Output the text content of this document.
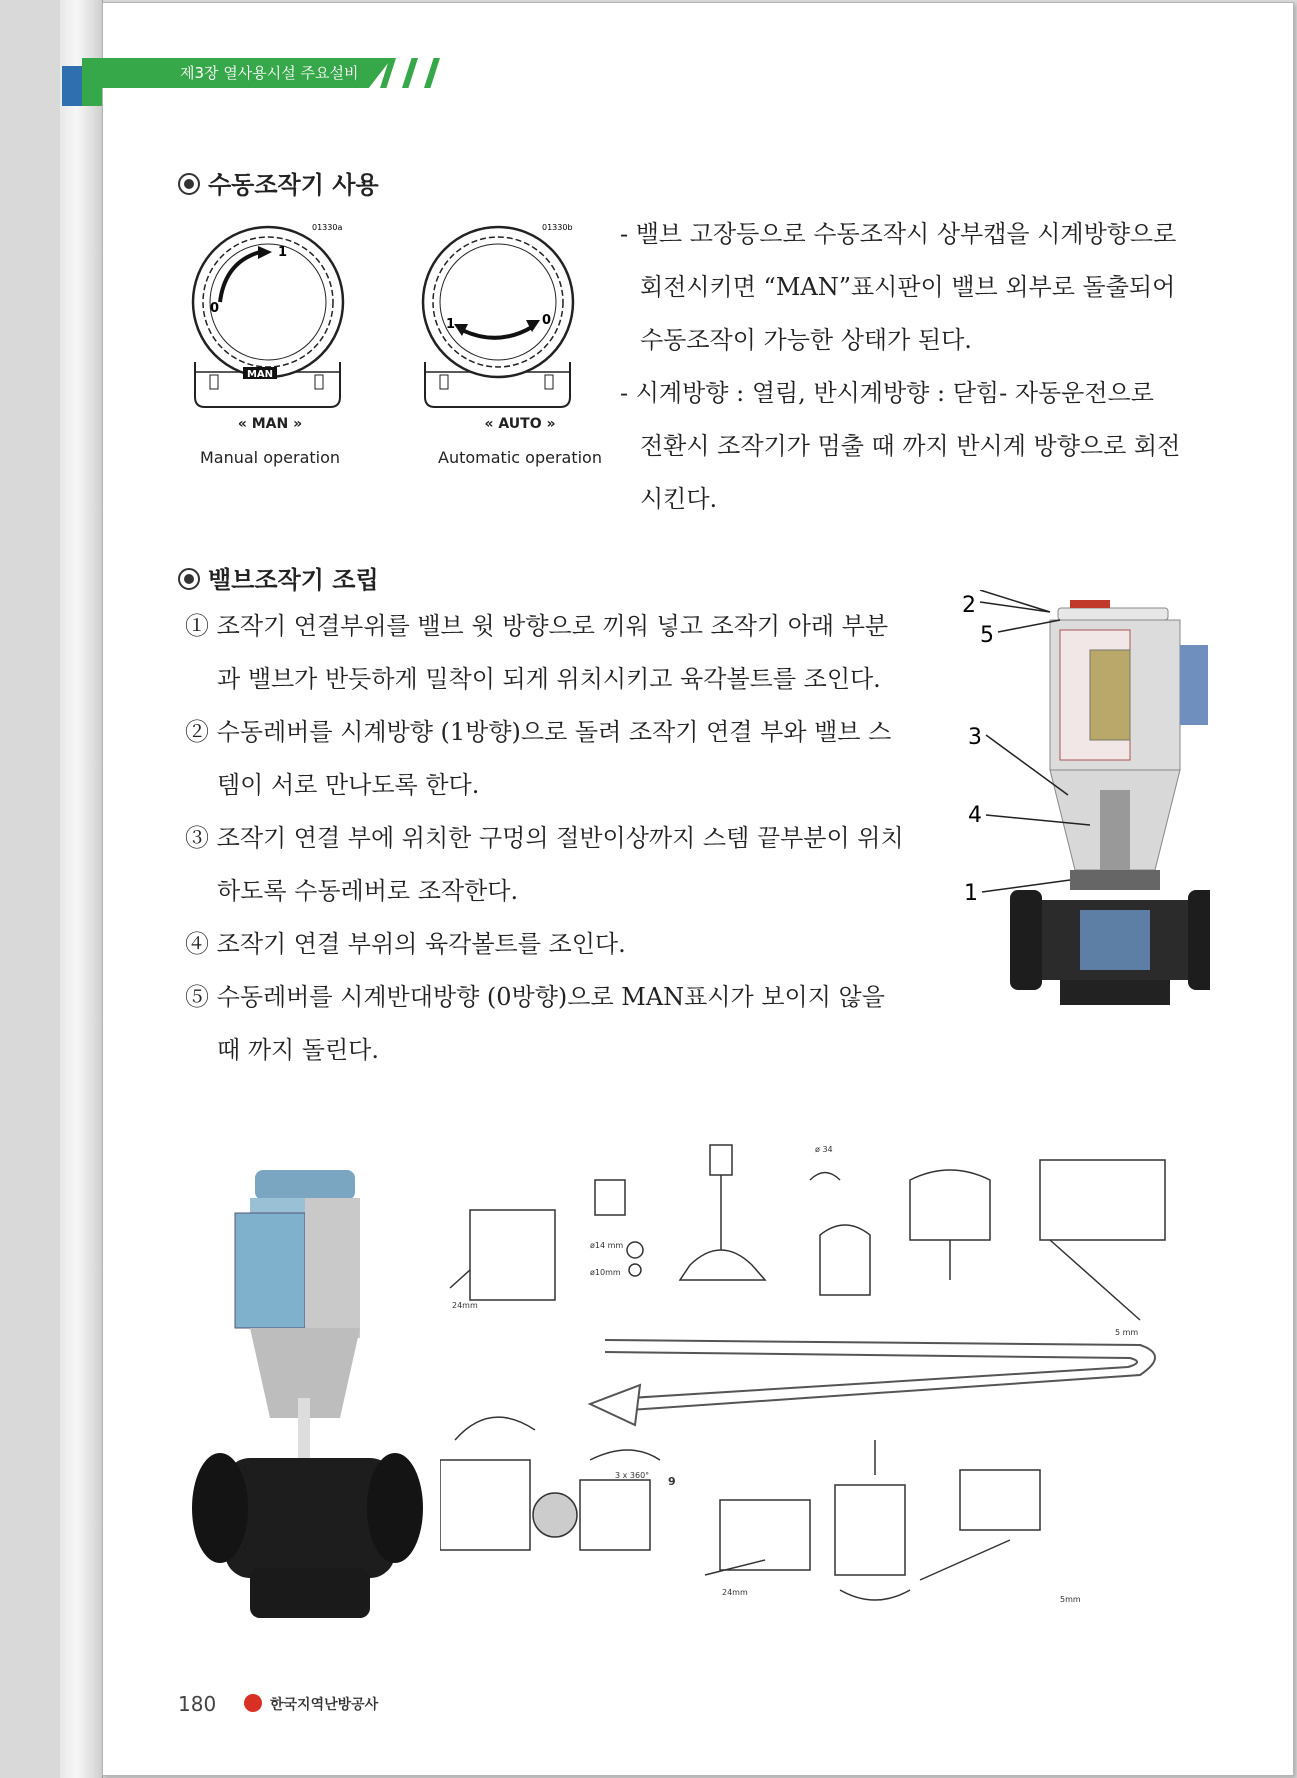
제3장 열사용시설 주요설비
수동조작기 사용
MAN
1
0
01330a
1	0
01330b
« MAN »
Manual operation
« AUTO »
Automatic operation

- 밸브 고장등으로 수동조작시 상부캡을 시계방향으로

회전시키면 “MAN”표시판이 밸브 외부로 돌출되어

수동조작이 가능한 상태가 된다.

- 시계방향 : 열림, 반시계방향 : 닫힘- 자동운전으로

전환시 조작기가 멈출 때 까지 반시계 방향으로 회전

시킨다.

밸브조작기 조립

① 조작기 연결부위를 밸브 윗 방향으로 끼워 넣고 조작기 아래 부분

과 밸브가 반듯하게 밀착이 되게 위치시키고 육각볼트를 조인다.

② 수동레버를 시계방향 (1방향)으로 돌려 조작기 연결 부와 밸브 스

템이 서로 만나도록 한다.

③ 조작기 연결 부에 위치한 구멍의 절반이상까지 스템 끝부분이 위치

하도록 수동레버로 조작한다.

④ 조작기 연결 부위의 육각볼트를 조인다.

⑤ 수동레버를 시계반대방향 (0방향)으로 MAN표시가 보이지 않을

때 까지 돌린다.

2
5
3
4
1
24mm
ø14 mm
ø10mm
ø 34
5 mm
3 x 360° 9
24mm
5mm
180	한국지역난방공사
